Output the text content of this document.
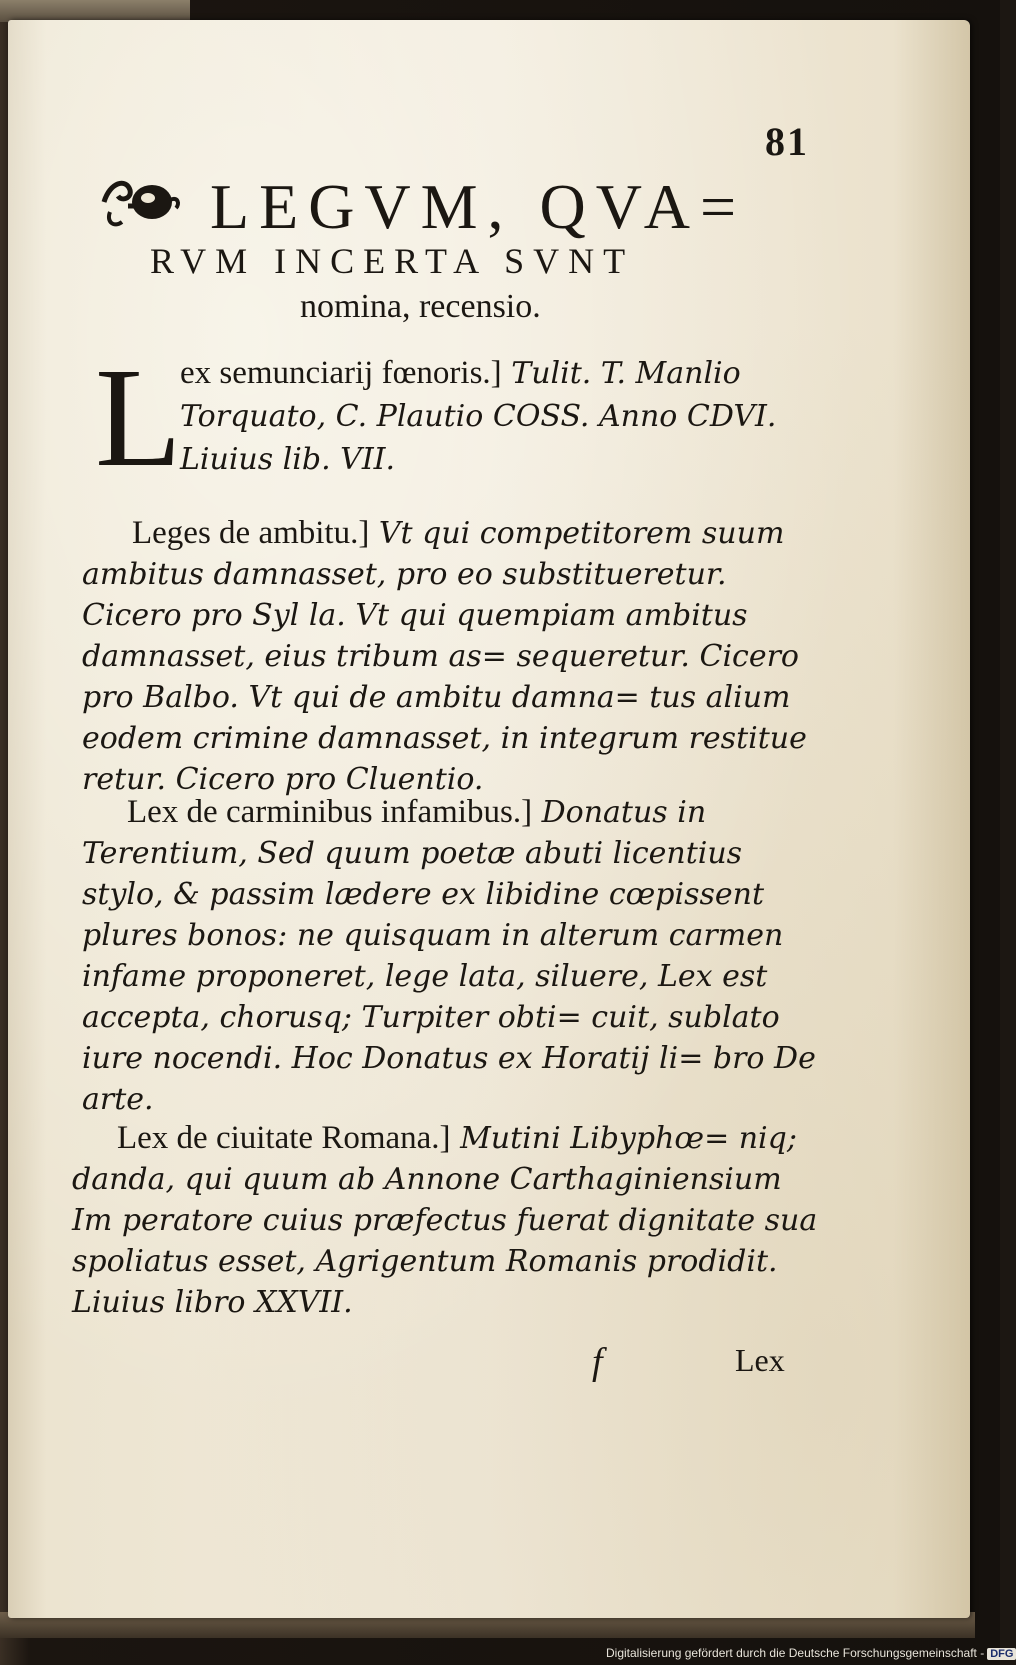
81
LEGVM, QVA=
RVM INCERTA SVNT
nomina, recensio.
L
ex semunciarij fœnoris.] Tulit. T. Manlio Torquato, C. Plautio COSS. Anno CDVI. Liuius lib. VII.
Leges de ambitu.] Vt qui competitorem suum ambitus damnasset, pro eo substitueretur. Cicero pro Syl la. Vt qui quempiam ambitus damnasset, eius tribum as= sequeretur. Cicero pro Balbo. Vt qui de ambitu damna= tus alium eodem crimine damnasset, in integrum restitue retur. Cicero pro Cluentio.
Lex de carminibus infamibus.] Donatus in Terentium, Sed quum poetæ abuti licentius stylo, & passim lædere ex libidine cœpissent plures bonos: ne quisquam in alterum carmen infame proponeret, lege lata, siluere, Lex est accepta, chorusq; Turpiter obti= cuit, sublato iure nocendi. Hoc Donatus ex Horatij li= bro De arte.
Lex de ciuitate Romana.] Mutini Libyphœ= niq; danda, qui quum ab Annone Carthaginiensium Im peratore cuius præfectus fuerat dignitate sua spoliatus esset, Agrigentum Romanis prodidit. Liuius libro XXVII.
f	Lex
Digitalisierung gefördert durch die Deutsche Forschungsgemeinschaft - DFG
